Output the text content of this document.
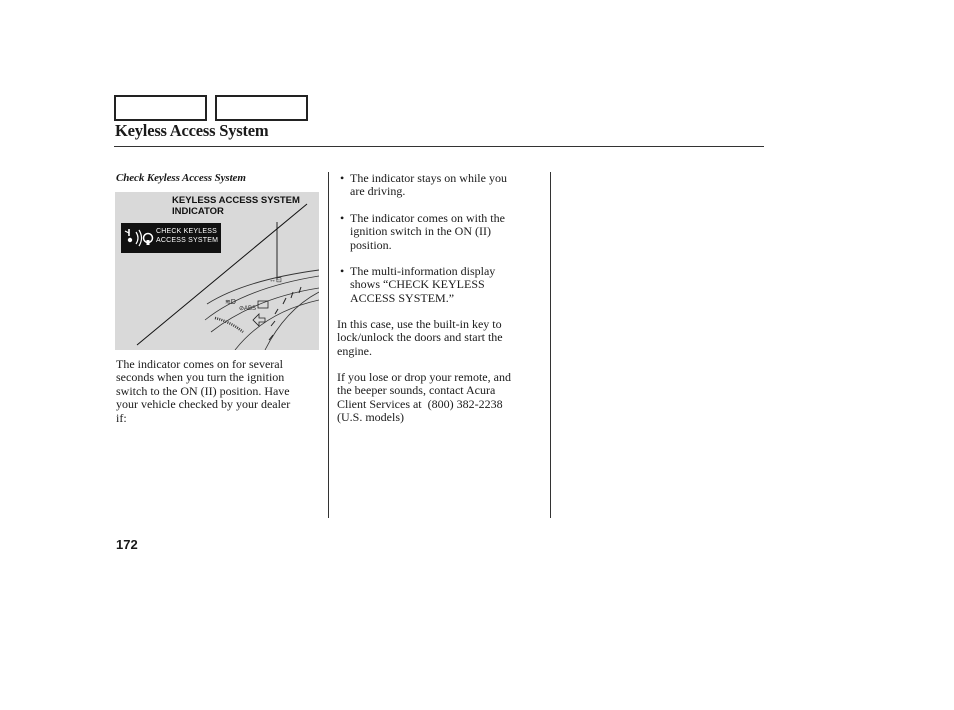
Keyless Access System
Check Keyless Access System
≋D
⊘ABS
↔⊡
KEYLESS ACCESS SYSTEM
INDICATOR
CHECK KEYLESS
ACCESS SYSTEM
The indicator comes on for several
seconds when you turn the ignition
switch to the ON (II) position. Have
your vehicle checked by your dealer
if:
• The indicator stays on while you
are driving.
• The indicator comes on with the
ignition switch in the ON (II)
position.
• The multi-information display
shows “CHECK KEYLESS
ACCESS SYSTEM.”
In this case, use the built-in key to
lock/unlock the doors and start the
engine.
If you lose or drop your remote, and
the beeper sounds, contact Acura
Client Services at  (800) 382-2238
(U.S. models)
172
